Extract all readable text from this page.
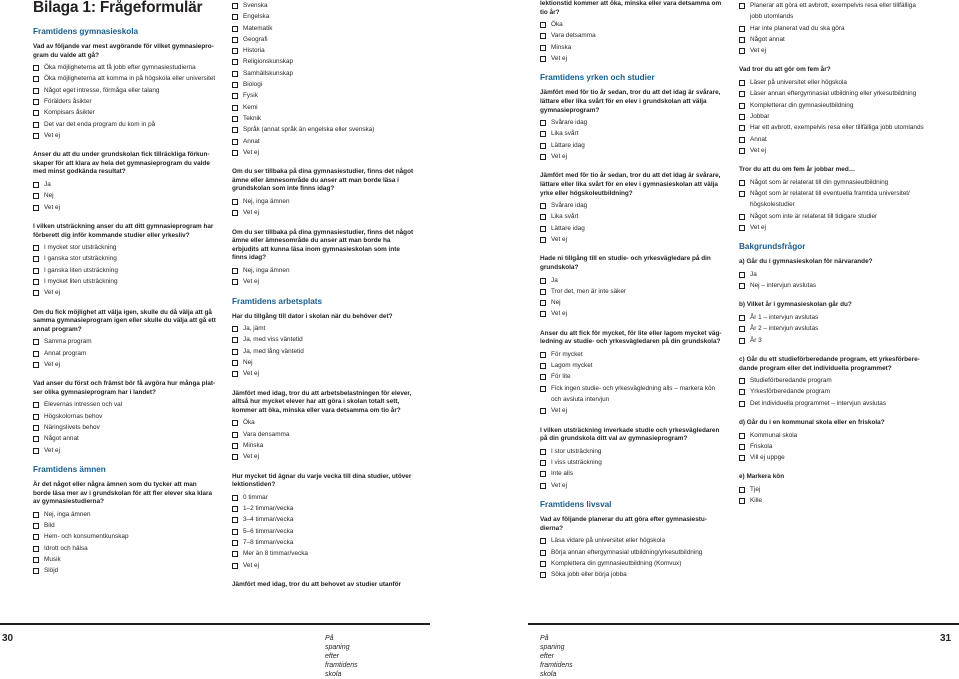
Bilaga 1: Frågeformulär
Framtidens gymnasieskola
Vad av följande var mest avgörande för vilket gymnasieprogram du valde att gå?
Öka möjligheterna att få jobb efter gymnasiestudierna
Öka möjligheterna att komma in på högskola eller universitet
Något eget intresse, förmåga eller talang
Förälders åsikter
Kompisars åsikter
Det var det enda program du kom in på
Vet ej
Anser du att du under grundskolan fick tillräckliga förkunskaper för att klara av hela det gymnasieprogram du valde med minst godkända resultat?
Ja
Nej
Vet ej
I vilken utsträckning anser du att ditt gymnasieprogram har förberett dig inför kommande studier eller yrkesliv?
I mycket stor utsträckning
I ganska stor utsträckning
I ganska liten utsträckning
I mycket liten utsträckning
Vet ej
Om du fick möjlighet att välja igen, skulle du då välja att gå samma gymnasieprogram igen eller skulle du välja att gå ett annat program?
Samma program
Annat program
Vet ej
Vad anser du först och främst bör få avgöra hur många platser olika gymnasieprogram har i landet?
Elevernas intressen och val
Högskolornas behov
Näringslivets behov
Något annat
Vet ej
Framtidens ämnen
Är det något eller några ämnen som du tycker att man borde läsa mer av i grundskolan för att fler elever ska klara av gymnasiestudierna?
Nej, inga ämnen
Bild
Hem- och konsumentkunskap
Idrott och hälsa
Musik
Slöjd
Svenska
Engelska
Matematik
Geografi
Historia
Religionskunskap
Samhällskunskap
Biologi
Fysik
Kemi
Teknik
Språk (annat språk än engelska eller svenska)
Annat
Vet ej
Om du ser tillbaka på dina gymnasiestudier, finns det något ämne eller ämnesområde du anser att man borde läsa i grundskolan som inte finns idag?
Nej, inga ämnen
Vet ej
Om du ser tillbaka på dina gymnasiestudier, finns det något ämne eller ämnesområde du anser att man borde ha erbjudits att kunna läsa inom gymnasieskolan som inte finns idag?
Nej, inga ämnen
Vet ej
Framtidens arbetsplats
Har du tillgång till dator i skolan när du behöver det?
Ja, jämt
Ja, med viss väntetid
Ja, med lång väntetid
Nej
Vet ej
Jämfört med idag, tror du att arbetsbelastningen för elever, alltså hur mycket elever har att göra i skolan totalt sett, kommer att öka, minska eller vara detsamma om tio år?
Öka
Vara densamma
Minska
Vet ej
Hur mycket tid ägnar du varje vecka till dina studier, utöver lektionstiden?
0 timmar
1–2 timmar/vecka
3–4 timmar/vecka
5–6 timmar/vecka
7–8 timmar/vecka
Mer än 8 timmar/vecka
Vet ej
Jämfört med idag, tror du att behovet av studier utanför
30	På spaning efter framtidens skola
lektionstid kommer att öka, minska eller vara detsamma om tio år?
Öka
Vara detsamma
Minska
Vet ej
Framtidens yrken och studier
Jämfört med för tio år sedan, tror du att det idag är svårare, lättare eller lika svårt för en elev i grundskolan att välja gymnasieprogram?
Svårare idag
Lika svårt
Lättare idag
Vet ej
Jämfört med för tio år sedan, tror du att det idag är svårare, lättare eller lika svårt för en elev i gymnasieskolan att välja yrke eller högskoleutbildning?
Svårare idag
Lika svårt
Lättare idag
Vet ej
Hade ni tillgång till en studie- och yrkesvägledare på din grundskola?
Ja
Tror det, men är inte säker
Nej
Vet ej
Anser du att fick för mycket, för lite eller lagom mycket vägledning av studie- och yrkesvägledaren på din grundskola?
För mycket
Lagom mycket
För lite
Fick ingen studie- och yrkesvägledning alls – markera kön och avsluta intervjun
Vet ej
I vilken utsträckning inverkade studie och yrkesvägledaren på din grundskola ditt val av gymnasieprogram?
I stor utsträckning
I viss utsträckning
Inte alls
Vet ej
Framtidens livsval
Vad av följande planerar du att göra efter gymnasiestudierna?
Läsa vidare på universitet eller högskola
Börja annan eftergymnasial utbildning/yrkesutbildning
Komplettera din gymnasieutbildning (Komvux)
Söka jobb eller börja jobba
Planerar att göra ett avbrott, exempelvis resa eller tillfälliga jobb utomlands
Har inte planerat vad du ska göra
Något annat
Vet ej
Vad tror du att gör om fem år?
Läser på universitet eller högskola
Läser annan eftergymnasial utbildning eller yrkesutbildning
Kompletterar din gymnasieutbildning
Jobbar
Har ett avbrott, exempelvis resa eller tillfälliga jobb utomlands
Annat
Vet ej
Tror du att du om fem år jobbar med…
Något som är relaterat till din gymnasieutbildning
Något som är relaterat till eventuella framtida universitet/ högskolestudier
Något som inte är relaterat till tidigare studier
Vet ej
Bakgrundsfrågor
a) Går du i gymnasieskolan för närvarande?
Ja
Nej – intervjun avslutas
b) Vilket år i gymnasieskolan går du?
År 1 – intervjun avslutas
År 2 – intervjun avslutas
År 3
c) Går du ett studieförberedande program, ett yrkesförberedande program eller det individuella programmet?
Studieförberedande program
Yrkesförberedande program
Det individuella programmet – intervjun avslutas
d) Går du i en kommunal skola eller en friskola?
Kommunal skola
Friskola
Vill ej uppge
e) Markera kön
Tjej
Kille
31
På spaning efter framtidens skola
